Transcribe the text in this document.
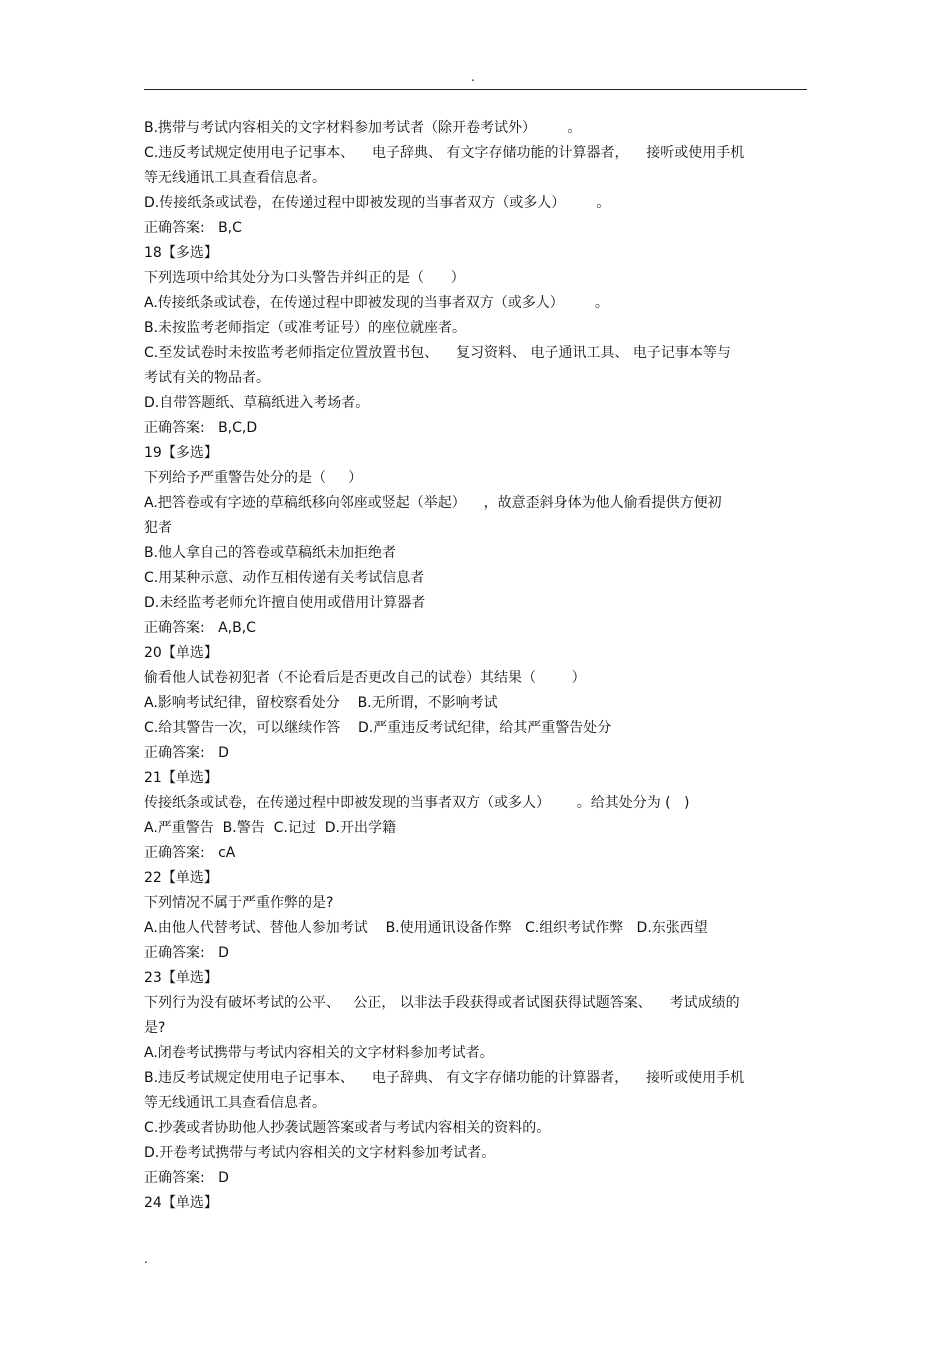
.
B.携带与考试内容相关的文字材料参加考试者（除开卷考试外）       。
C.违反考试规定使用电子记事本、    电子辞典、 有文字存储功能的计算器者，    接听或使用手机
等无线通讯工具查看信息者。
D.传接纸条或试卷，在传递过程中即被发现的当事者双方（或多人）       。
正确答案:   B,C
18【多选】
下列选项中给其处分为口头警告并纠正的是（      ）
A.传接纸条或试卷，在传递过程中即被发现的当事者双方（或多人）       。
B.未按监考老师指定（或准考证号）的座位就座者。
C.至发试卷时未按监考老师指定位置放置书包、    复习资料、 电子通讯工具、 电子记事本等与
考试有关的物品者。
D.自带答题纸、草稿纸进入考场者。
正确答案:   B,C,D
19【多选】
下列给予严重警告处分的是（     ）
A.把答卷或有字迹的草稿纸移向邻座或竖起（举起）    ，故意歪斜身体为他人偷看提供方便初
犯者
B.他人拿自己的答卷或草稿纸未加拒绝者
C.用某种示意、动作互相传递有关考试信息者
D.未经监考老师允许擅自使用或借用计算器者
正确答案:   A,B,C
20【单选】
偷看他人试卷初犯者（不论看后是否更改自己的试卷）其结果（        ）
A.影响考试纪律，留校察看处分    B.无所谓，不影响考试
C.给其警告一次，可以继续作答    D.严重违反考试纪律，给其严重警告处分
正确答案:   D
21【单选】
传接纸条或试卷，在传递过程中即被发现的当事者双方（或多人）      。给其处分为 (   )
A.严重警告  B.警告  C.记过  D.开出学籍
正确答案:   cA
22【单选】
下列情况不属于严重作弊的是?
A.由他人代替考试、替他人参加考试    B.使用通讯设备作弊   C.组织考试作弊   D.东张西望
正确答案:   D
23【单选】
下列行为没有破坏考试的公平、   公正， 以非法手段获得或者试图获得试题答案、    考试成绩的
是?
A.闭卷考试携带与考试内容相关的文字材料参加考试者。
B.违反考试规定使用电子记事本、    电子辞典、 有文字存储功能的计算器者，    接听或使用手机
等无线通讯工具查看信息者。
C.抄袭或者协助他人抄袭试题答案或者与考试内容相关的资料的。
D.开卷考试携带与考试内容相关的文字材料参加考试者。
正确答案:   D
24【单选】
.
